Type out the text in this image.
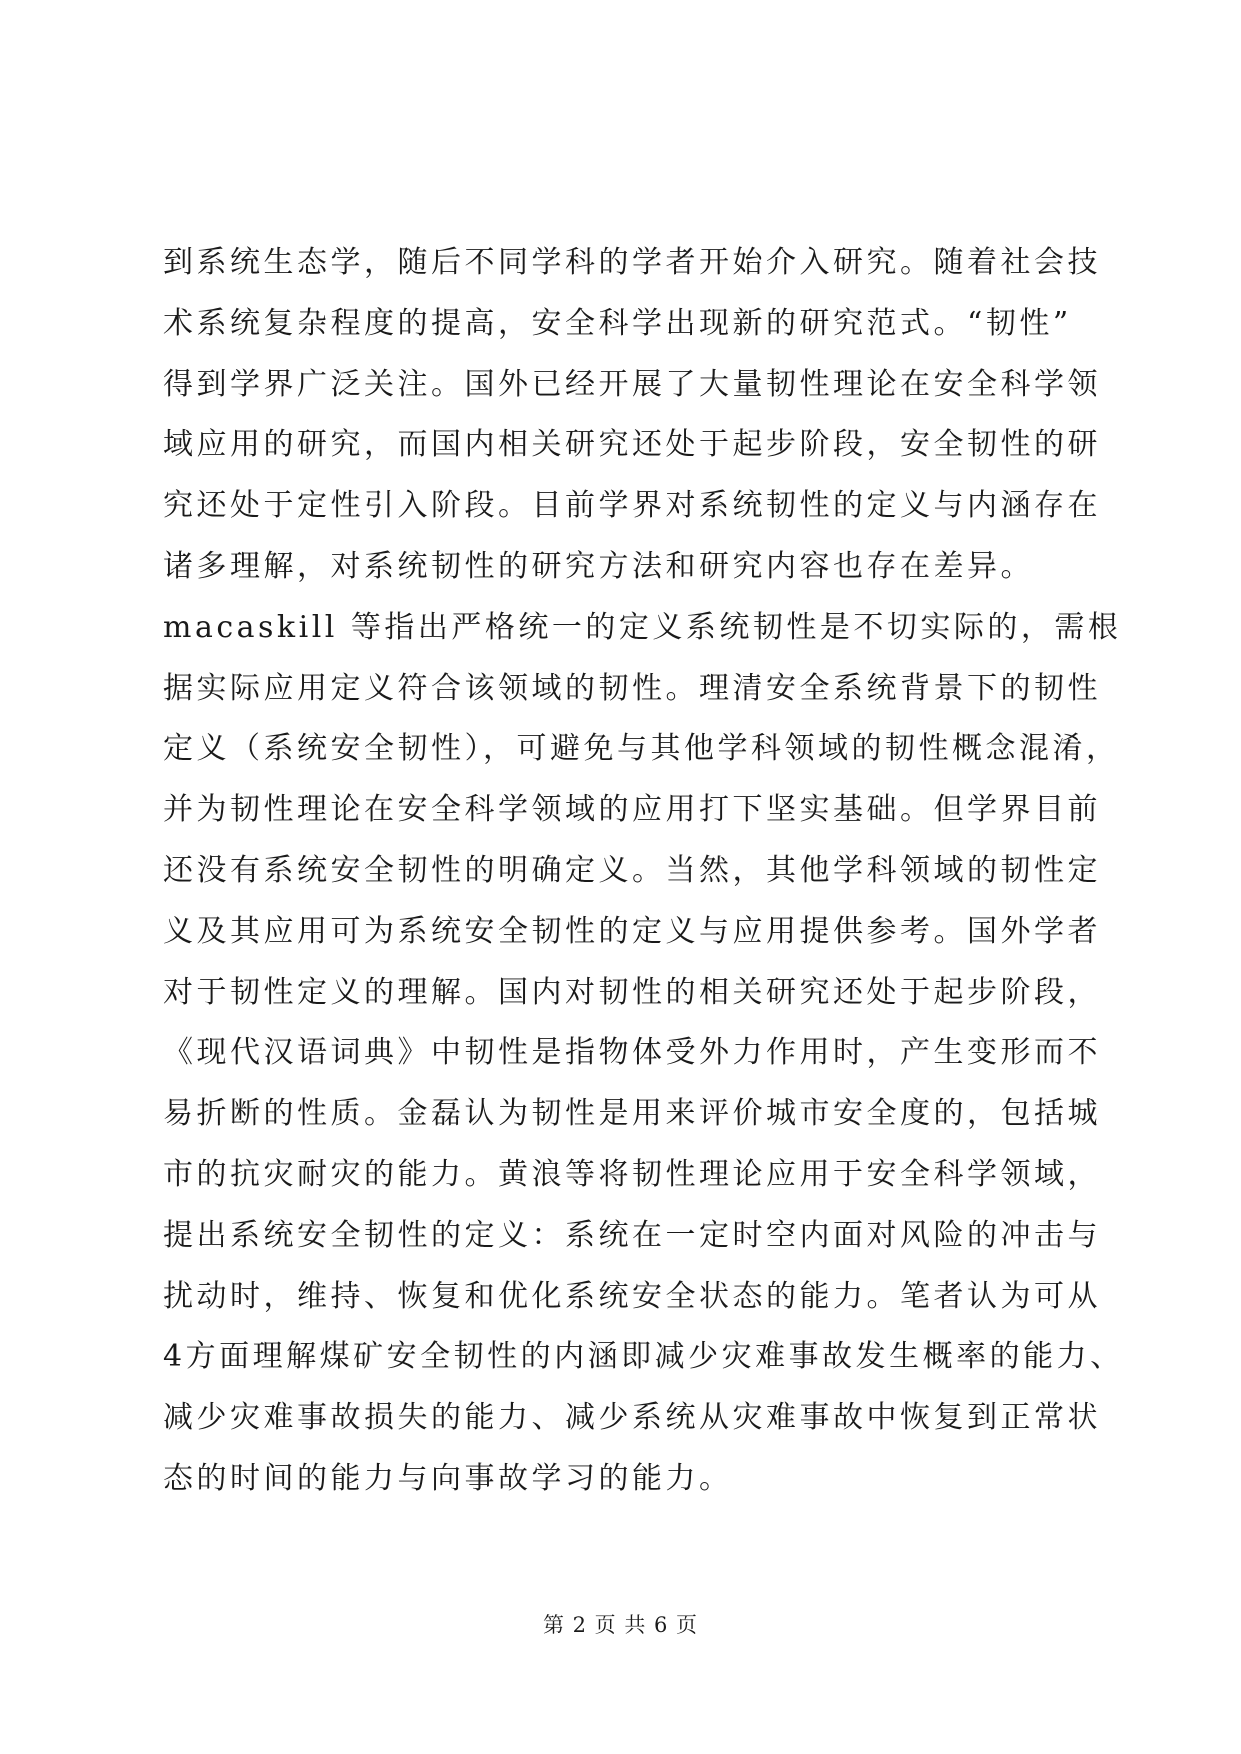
到系统生态学，随后不同学科的学者开始介入研究。随着社会技
术系统复杂程度的提高，安全科学出现新的研究范式。“韧性”
得到学界广泛关注。国外已经开展了大量韧性理论在安全科学领
域应用的研究，而国内相关研究还处于起步阶段，安全韧性的研
究还处于定性引入阶段。目前学界对系统韧性的定义与内涵存在
诸多理解，对系统韧性的研究方法和研究内容也存在差异。
macaskill 等指出严格统一的定义系统韧性是不切实际的，需根
据实际应用定义符合该领域的韧性。理清安全系统背景下的韧性
定义（系统安全韧性），可避免与其他学科领域的韧性概念混淆，
并为韧性理论在安全科学领域的应用打下坚实基础。但学界目前
还没有系统安全韧性的明确定义。当然，其他学科领域的韧性定
义及其应用可为系统安全韧性的定义与应用提供参考。国外学者
对于韧性定义的理解。国内对韧性的相关研究还处于起步阶段，
《现代汉语词典》中韧性是指物体受外力作用时，产生变形而不
易折断的性质。金磊认为韧性是用来评价城市安全度的，包括城
市的抗灾耐灾的能力。黄浪等将韧性理论应用于安全科学领域，
提出系统安全韧性的定义：系统在一定时空内面对风险的冲击与
扰动时，维持、恢复和优化系统安全状态的能力。笔者认为可从
4方面理解煤矿安全韧性的内涵即减少灾难事故发生概率的能力、
减少灾难事故损失的能力、减少系统从灾难事故中恢复到正常状
态的时间的能力与向事故学习的能力。
第 2 页 共 6 页
